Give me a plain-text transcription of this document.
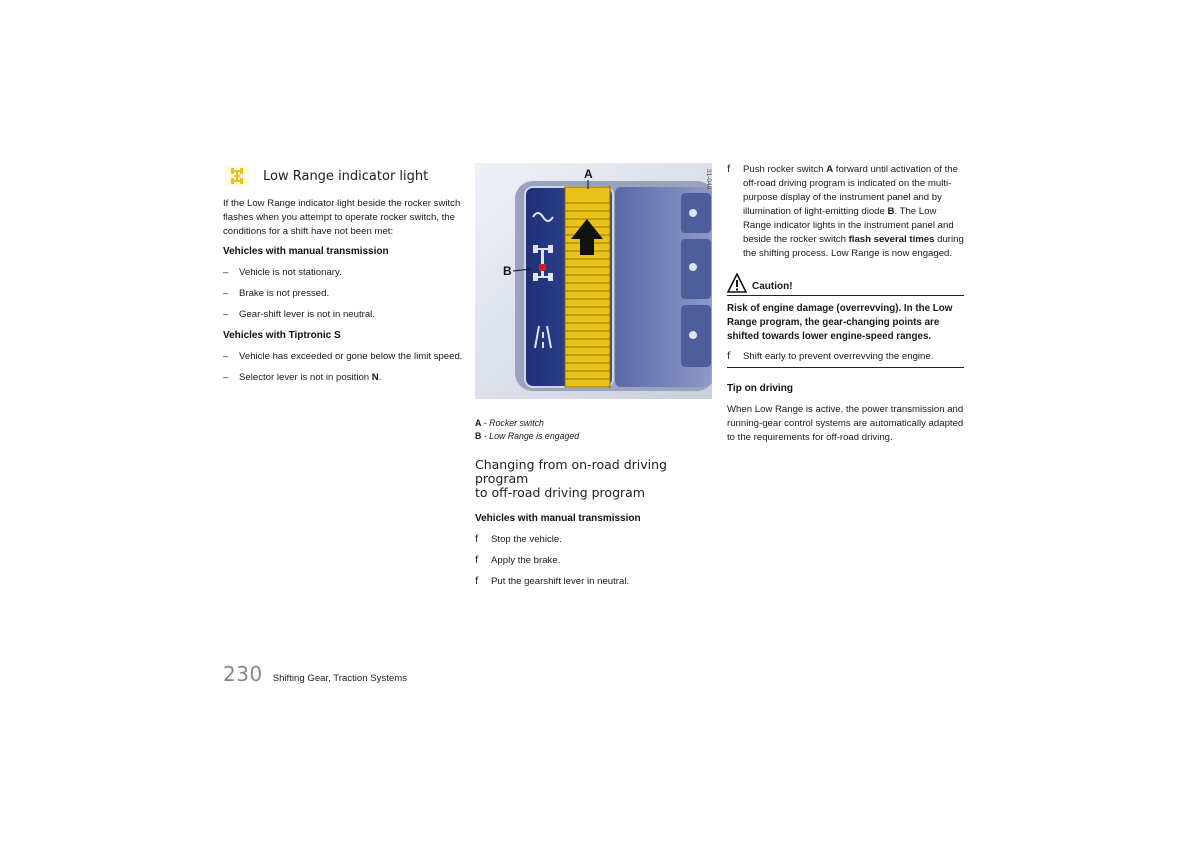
Low Range indicator light

If the Low Range indicator light beside the rocker switch flashes when you attempt to operate rocker switch, the conditions for a shift have not been met:

Vehicles with manual transmission
–	Vehicle is not stationary.
–	Brake is not pressed.
–	Gear-shift lever is not in neutral.
Vehicles with Tiptronic S
–	Vehicle has exceeded or gone below the limit speed.
–	Selector lever is not in position N.
A
B
31-040
A - Rocker switch
B - Low Range is engaged
Changing from on-road driving program
to off-road driving program
Vehicles with manual transmission
f	Stop the vehicle.
f	Apply the brake.
f	Put the gearshift lever in neutral.
f	Push rocker switch A forward until activation of the off-road driving program is indicated on the multi-purpose display of the instrument panel and by illumination of light-emitting diode B. The Low Range indicator lights in the instrument panel and beside the rocker switch flash several times during the shifting process. Low Range is now engaged.
Caution!
Risk of engine damage (overrevving). In the Low Range program, the gear-changing points are shifted towards lower engine-speed ranges.
f	Shift early to prevent overrevving the engine.
Tip on driving

When Low Range is active, the power transmission and running-gear control systems are automatically adapted to the requirements for off-road driving.

230 Shifting Gear, Traction Systems
